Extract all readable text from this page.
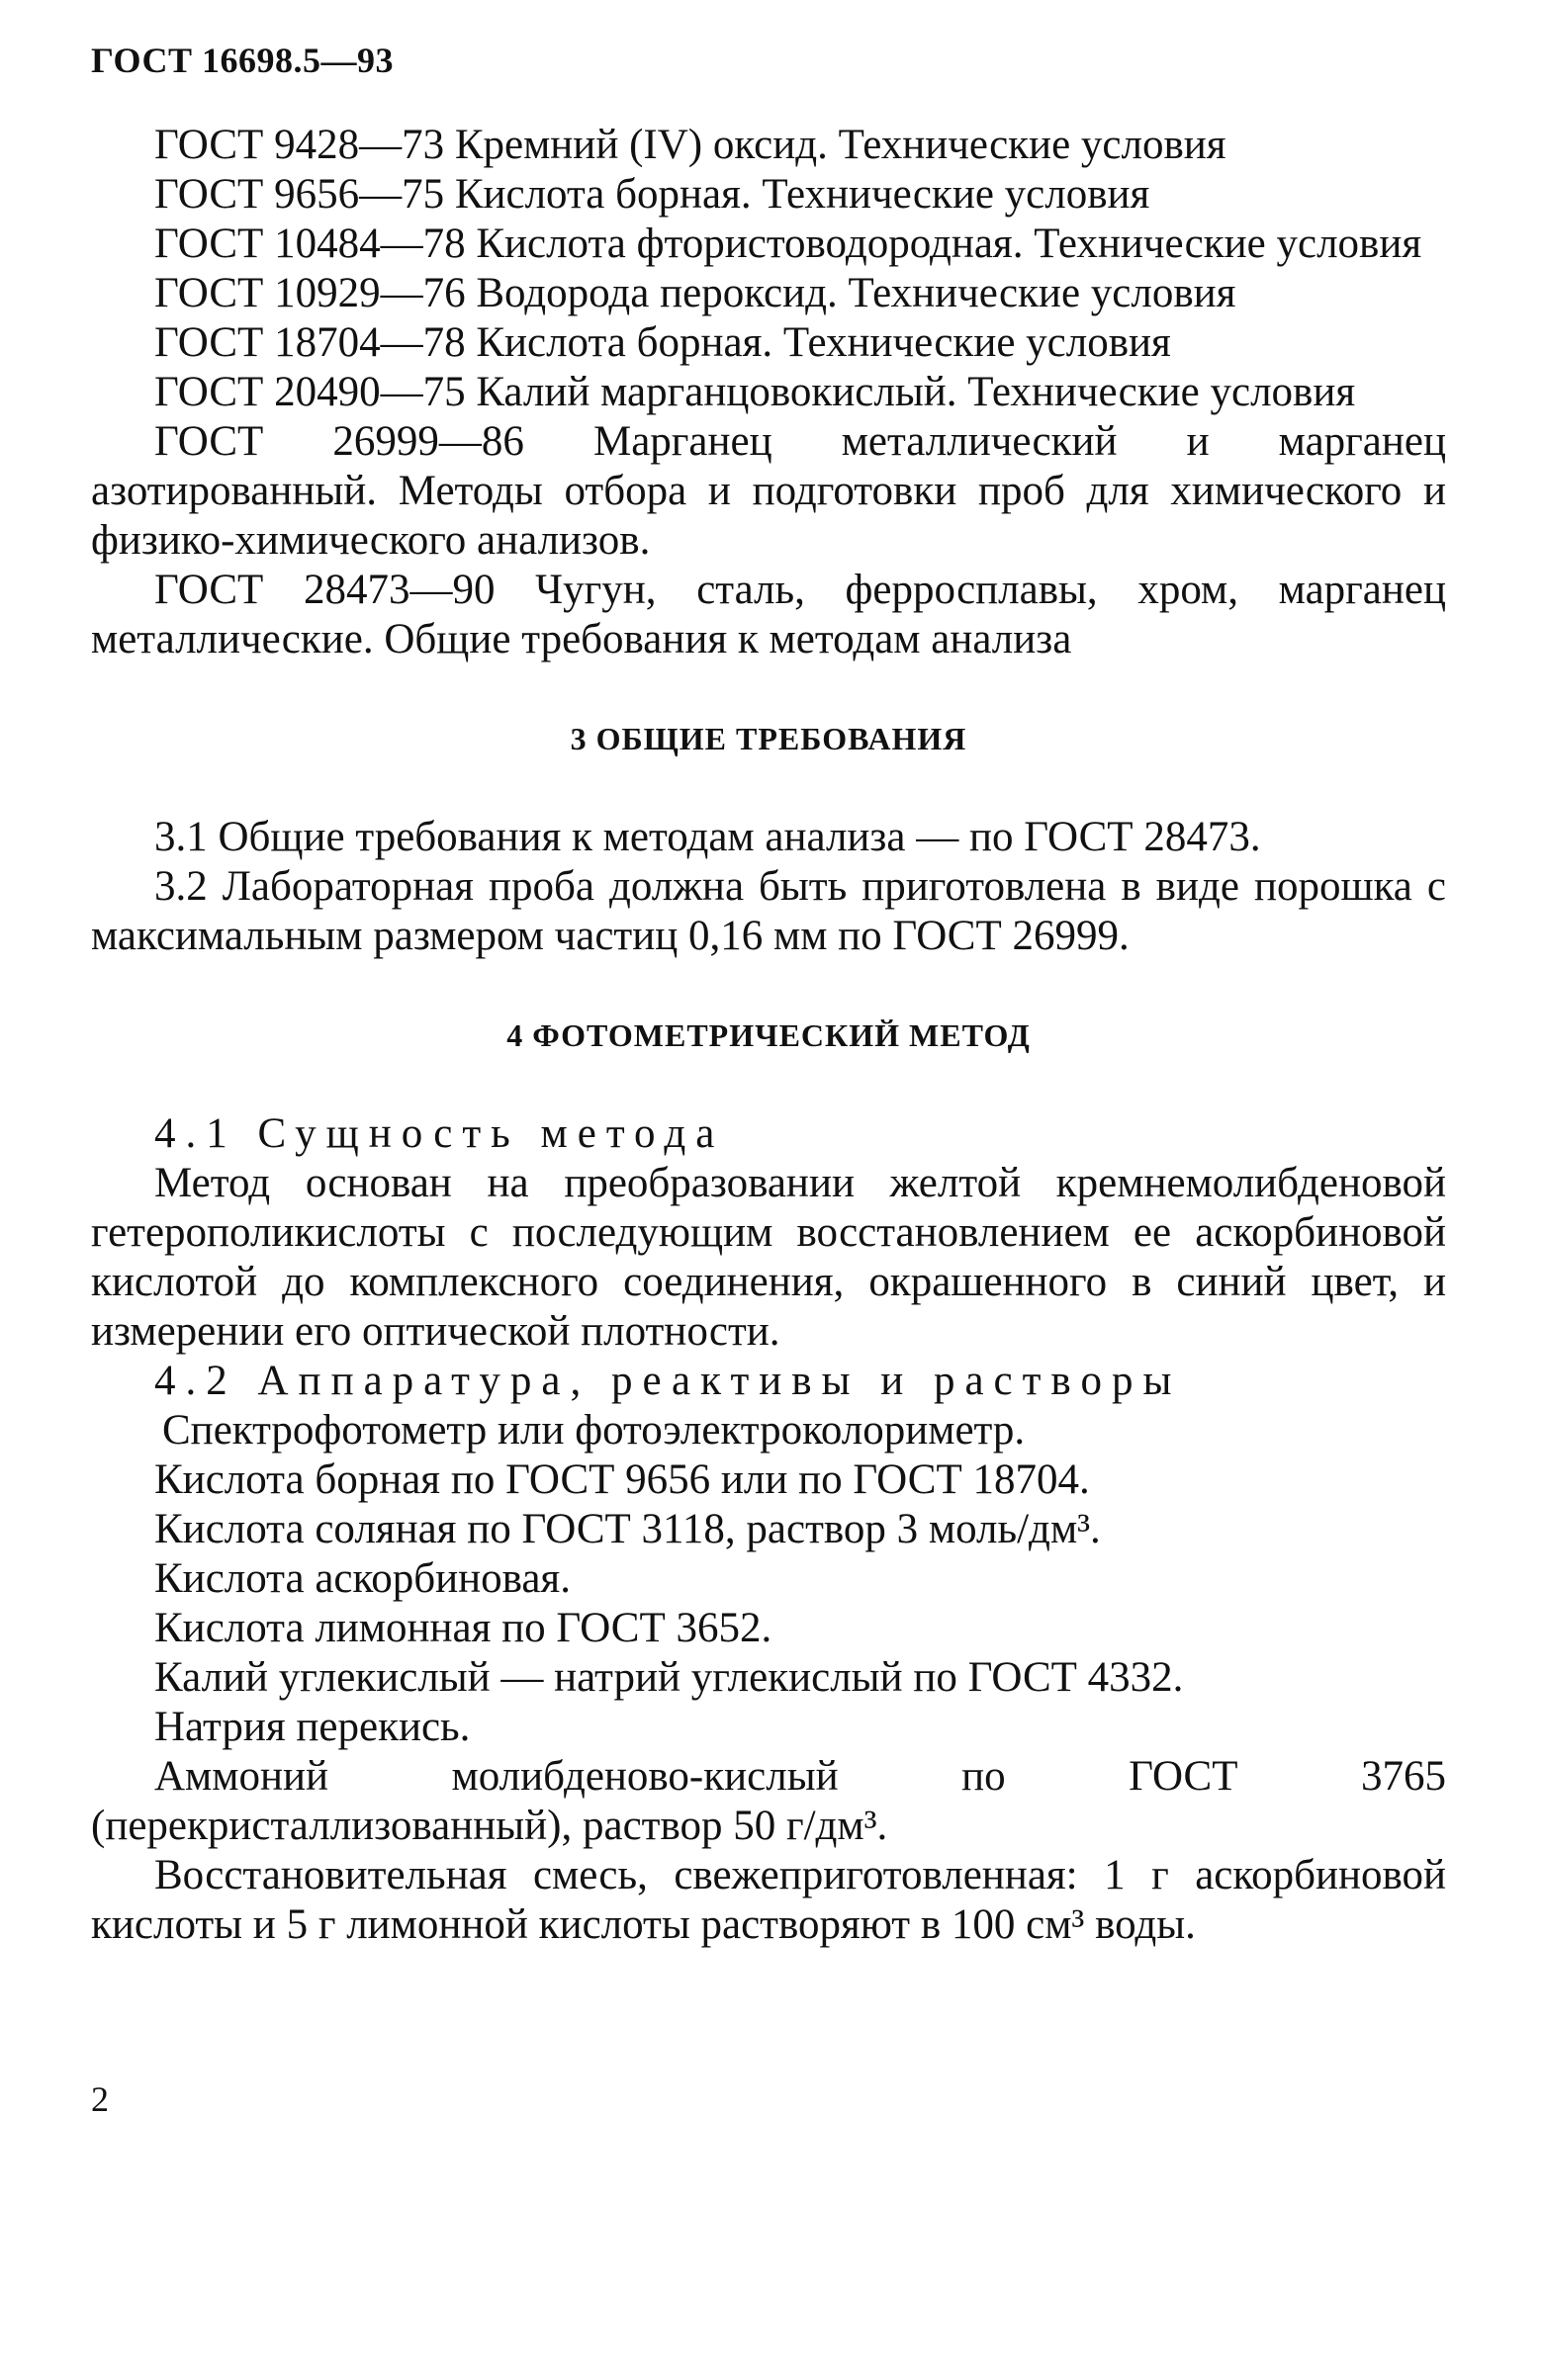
ГОСТ 16698.5—93

ГОСТ 9428—73 Кремний (IV) оксид. Технические условия

ГОСТ 9656—75 Кислота борная. Технические условия

ГОСТ 10484—78 Кислота фтористоводородная. Технические условия

ГОСТ 10929—76 Водорода пероксид. Технические условия

ГОСТ 18704—78 Кислота борная. Технические условия

ГОСТ 20490—75 Калий марганцовокислый. Технические условия

ГОСТ 26999—86 Марганец металлический и марганец азотированный. Методы отбора и подготовки проб для химического и физико-химического анализов.

ГОСТ 28473—90 Чугун, сталь, ферросплавы, хром, марганец металлические. Общие требования к методам анализа

3 ОБЩИЕ ТРЕБОВАНИЯ

3.1 Общие требования к методам анализа — по ГОСТ 28473.

3.2 Лабораторная проба должна быть приготовлена в виде порошка с максимальным размером частиц 0,16 мм по ГОСТ 26999.

4 ФОТОМЕТРИЧЕСКИЙ МЕТОД

4.1 Сущность метода

Метод основан на преобразовании желтой кремнемолибденовой гетерополикислоты с последующим восстановлением ее аскорбиновой кислотой до комплексного соединения, окрашенного в синий цвет, и измерении его оптической плотности.

4.2 Аппаратура, реактивы и растворы

Спектрофотометр или фотоэлектроколориметр.

Кислота борная по ГОСТ 9656 или по ГОСТ 18704.

Кислота соляная по ГОСТ 3118, раствор 3 моль/дм³.

Кислота аскорбиновая.

Кислота лимонная по ГОСТ 3652.

Калий углекислый — натрий углекислый по ГОСТ 4332.

Натрия перекись.

Аммоний молибденово-кислый по ГОСТ 3765 (перекристаллизованный), раствор 50 г/дм³.

Восстановительная смесь, свежеприготовленная: 1 г аскорбиновой кислоты и 5 г лимонной кислоты растворяют в 100 см³ воды.

2
